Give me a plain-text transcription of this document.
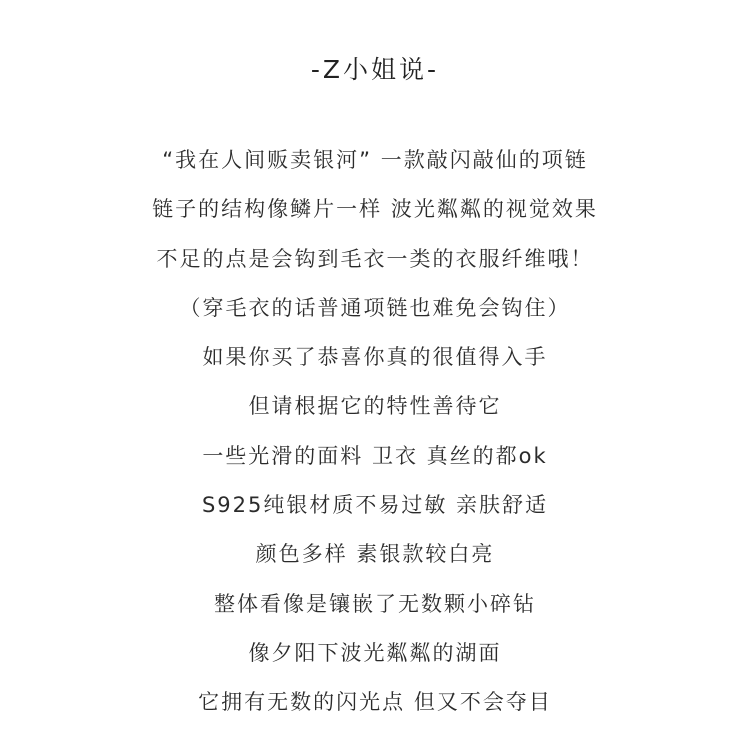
-Z小姐说-
“我在人间贩卖银河” 一款敲闪敲仙的项链
链子的结构像鳞片一样 波光粼粼的视觉效果
不足的点是会钩到毛衣一类的衣服纤维哦！
（穿毛衣的话普通项链也难免会钩住）
如果你买了恭喜你真的很值得入手
但请根据它的特性善待它
一些光滑的面料 卫衣 真丝的都ok
S925纯银材质不易过敏 亲肤舒适
颜色多样 素银款较白亮
整体看像是镶嵌了无数颗小碎钻
像夕阳下波光粼粼的湖面
它拥有无数的闪光点 但又不会夺目
